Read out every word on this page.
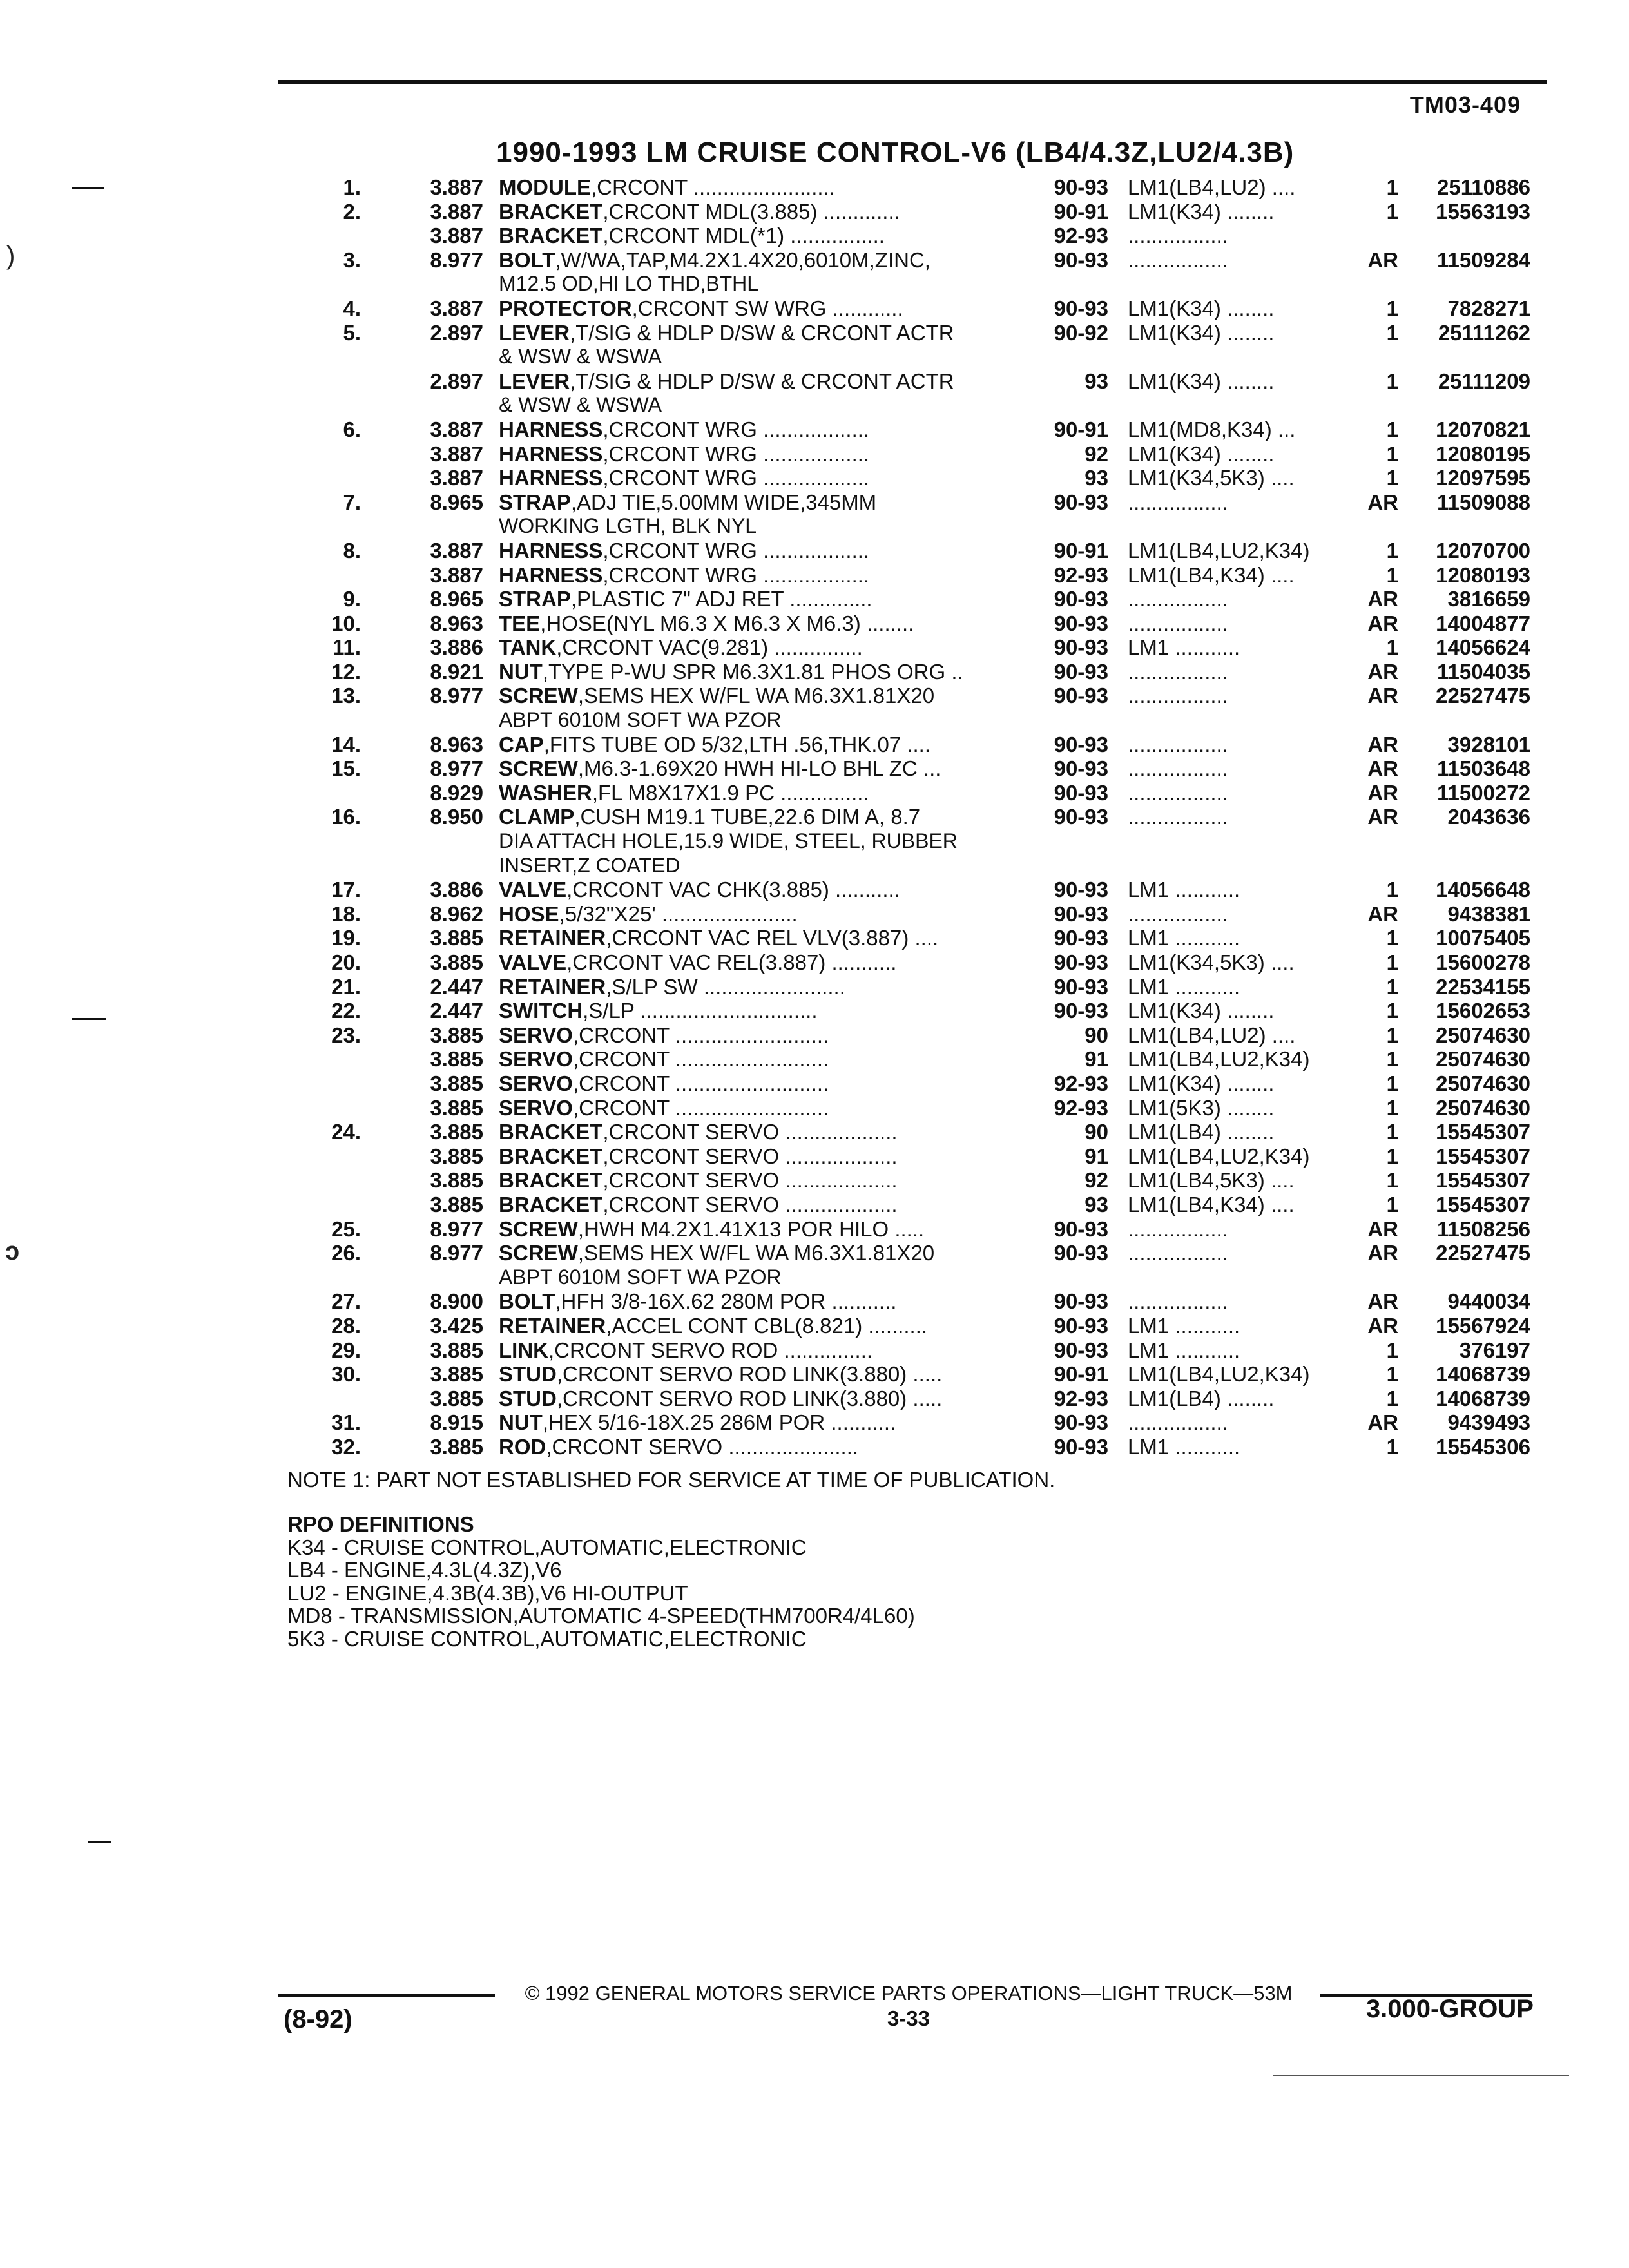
TM03-409
1990-1993 LM CRUISE CONTROL-V6 (LB4/4.3Z,LU2/4.3B)
1.	3.887 MODULE,CRCONT ........................	90-93 LM1(LB4,LU2) ....	1	25110886
2.	3.887 BRACKET,CRCONT MDL(3.885) .............	90-91 LM1(K34) ........	1	15563193
3.887 BRACKET,CRCONT MDL(*1) ................	92-93 .................
3.	8.977 BOLT,W/WA,TAP,M4.2X1.4X20,6010M,ZINC,	90-93 .................	AR	11509284
M12.5 OD,HI LO THD,BTHL
4.	3.887 PROTECTOR,CRCONT SW WRG ............	90-93 LM1(K34) ........	1	7828271
5.	2.897 LEVER,T/SIG & HDLP D/SW & CRCONT ACTR	90-92 LM1(K34) ........	1	25111262
& WSW & WSWA
2.897 LEVER,T/SIG & HDLP D/SW & CRCONT ACTR	93 LM1(K34) ........	1	25111209
& WSW & WSWA
6.	3.887 HARNESS,CRCONT WRG ..................	90-91 LM1(MD8,K34) ...	1	12070821
3.887 HARNESS,CRCONT WRG ..................	92 LM1(K34) ........	1	12080195
3.887 HARNESS,CRCONT WRG ..................	93 LM1(K34,5K3) ....	1	12097595
7.	8.965 STRAP,ADJ TIE,5.00MM WIDE,345MM	90-93 .................	AR	11509088
WORKING LGTH, BLK NYL
8.	3.887 HARNESS,CRCONT WRG ..................	90-91 LM1(LB4,LU2,K34)	1	12070700
3.887 HARNESS,CRCONT WRG ..................	92-93 LM1(LB4,K34) ....	1	12080193
9.	8.965 STRAP,PLASTIC 7" ADJ RET ..............	90-93 .................	AR	3816659
10.	8.963 TEE,HOSE(NYL M6.3 X M6.3 X M6.3) ........	90-93 .................	AR	14004877
11.	3.886 TANK,CRCONT VAC(9.281) ...............	90-93 LM1 ...........	1	14056624
12.	8.921 NUT,TYPE P-WU SPR M6.3X1.81 PHOS ORG ..	90-93 .................	AR	11504035
13.	8.977 SCREW,SEMS HEX W/FL WA M6.3X1.81X20	90-93 .................	AR	22527475
ABPT 6010M SOFT WA PZOR
14.	8.963 CAP,FITS TUBE OD 5/32,LTH .56,THK.07 ....	90-93 .................	AR	3928101
15.	8.977 SCREW,M6.3-1.69X20 HWH HI-LO BHL ZC ...	90-93 .................	AR	11503648
8.929 WASHER,FL M8X17X1.9 PC ...............	90-93 .................	AR	11500272
16.	8.950 CLAMP,CUSH M19.1 TUBE,22.6 DIM A, 8.7	90-93 .................	AR	2043636
DIA ATTACH HOLE,15.9 WIDE, STEEL, RUBBER
INSERT,Z COATED
17.	3.886 VALVE,CRCONT VAC CHK(3.885) ...........	90-93 LM1 ...........	1	14056648
18.	8.962 HOSE,5/32"X25' .......................	90-93 .................	AR	9438381
19.	3.885 RETAINER,CRCONT VAC REL VLV(3.887) ....	90-93 LM1 ...........	1	10075405
20.	3.885 VALVE,CRCONT VAC REL(3.887) ...........	90-93 LM1(K34,5K3) ....	1	15600278
21.	2.447 RETAINER,S/LP SW ........................	90-93 LM1 ...........	1	22534155
22.	2.447 SWITCH,S/LP ..............................	90-93 LM1(K34) ........	1	15602653
23.	3.885 SERVO,CRCONT ..........................	90 LM1(LB4,LU2) ....	1	25074630
3.885 SERVO,CRCONT ..........................	91 LM1(LB4,LU2,K34)	1	25074630
3.885 SERVO,CRCONT ..........................	92-93 LM1(K34) ........	1	25074630
3.885 SERVO,CRCONT ..........................	92-93 LM1(5K3) ........	1	25074630
24.	3.885 BRACKET,CRCONT SERVO ...................	90 LM1(LB4) ........	1	15545307
3.885 BRACKET,CRCONT SERVO ...................	91 LM1(LB4,LU2,K34)	1	15545307
3.885 BRACKET,CRCONT SERVO ...................	92 LM1(LB4,5K3) ....	1	15545307
3.885 BRACKET,CRCONT SERVO ...................	93 LM1(LB4,K34) ....	1	15545307
25.	8.977 SCREW,HWH M4.2X1.41X13 POR HILO .....	90-93 .................	AR	11508256
26.	8.977 SCREW,SEMS HEX W/FL WA M6.3X1.81X20	90-93 .................	AR	22527475
ABPT 6010M SOFT WA PZOR
27.	8.900 BOLT,HFH 3/8-16X.62 280M POR ...........	90-93 .................	AR	9440034
28.	3.425 RETAINER,ACCEL CONT CBL(8.821) ..........	90-93 LM1 ...........	AR	15567924
29.	3.885 LINK,CRCONT SERVO ROD ...............	90-93 LM1 ...........	1	376197
30.	3.885 STUD,CRCONT SERVO ROD LINK(3.880) .....	90-91 LM1(LB4,LU2,K34)	1	14068739
3.885 STUD,CRCONT SERVO ROD LINK(3.880) .....	92-93 LM1(LB4) ........	1	14068739
31.	8.915 NUT,HEX 5/16-18X.25 286M POR ...........	90-93 .................	AR	9439493
32.	3.885 ROD,CRCONT SERVO ......................	90-93 LM1 ...........	1	15545306
NOTE 1: PART NOT ESTABLISHED FOR SERVICE AT TIME OF PUBLICATION.
RPO DEFINITIONS
K34 - CRUISE CONTROL,AUTOMATIC,ELECTRONIC
LB4 - ENGINE,4.3L(4.3Z),V6
LU2 - ENGINE,4.3B(4.3B),V6 HI-OUTPUT
MD8 - TRANSMISSION,AUTOMATIC 4-SPEED(THM700R4/4L60)
5K3 - CRUISE CONTROL,AUTOMATIC,ELECTRONIC
© 1992 GENERAL MOTORS SERVICE PARTS OPERATIONS—LIGHT TRUCK—53M
3-33
(8-92)	3.000-GROUP
)
ͻ
